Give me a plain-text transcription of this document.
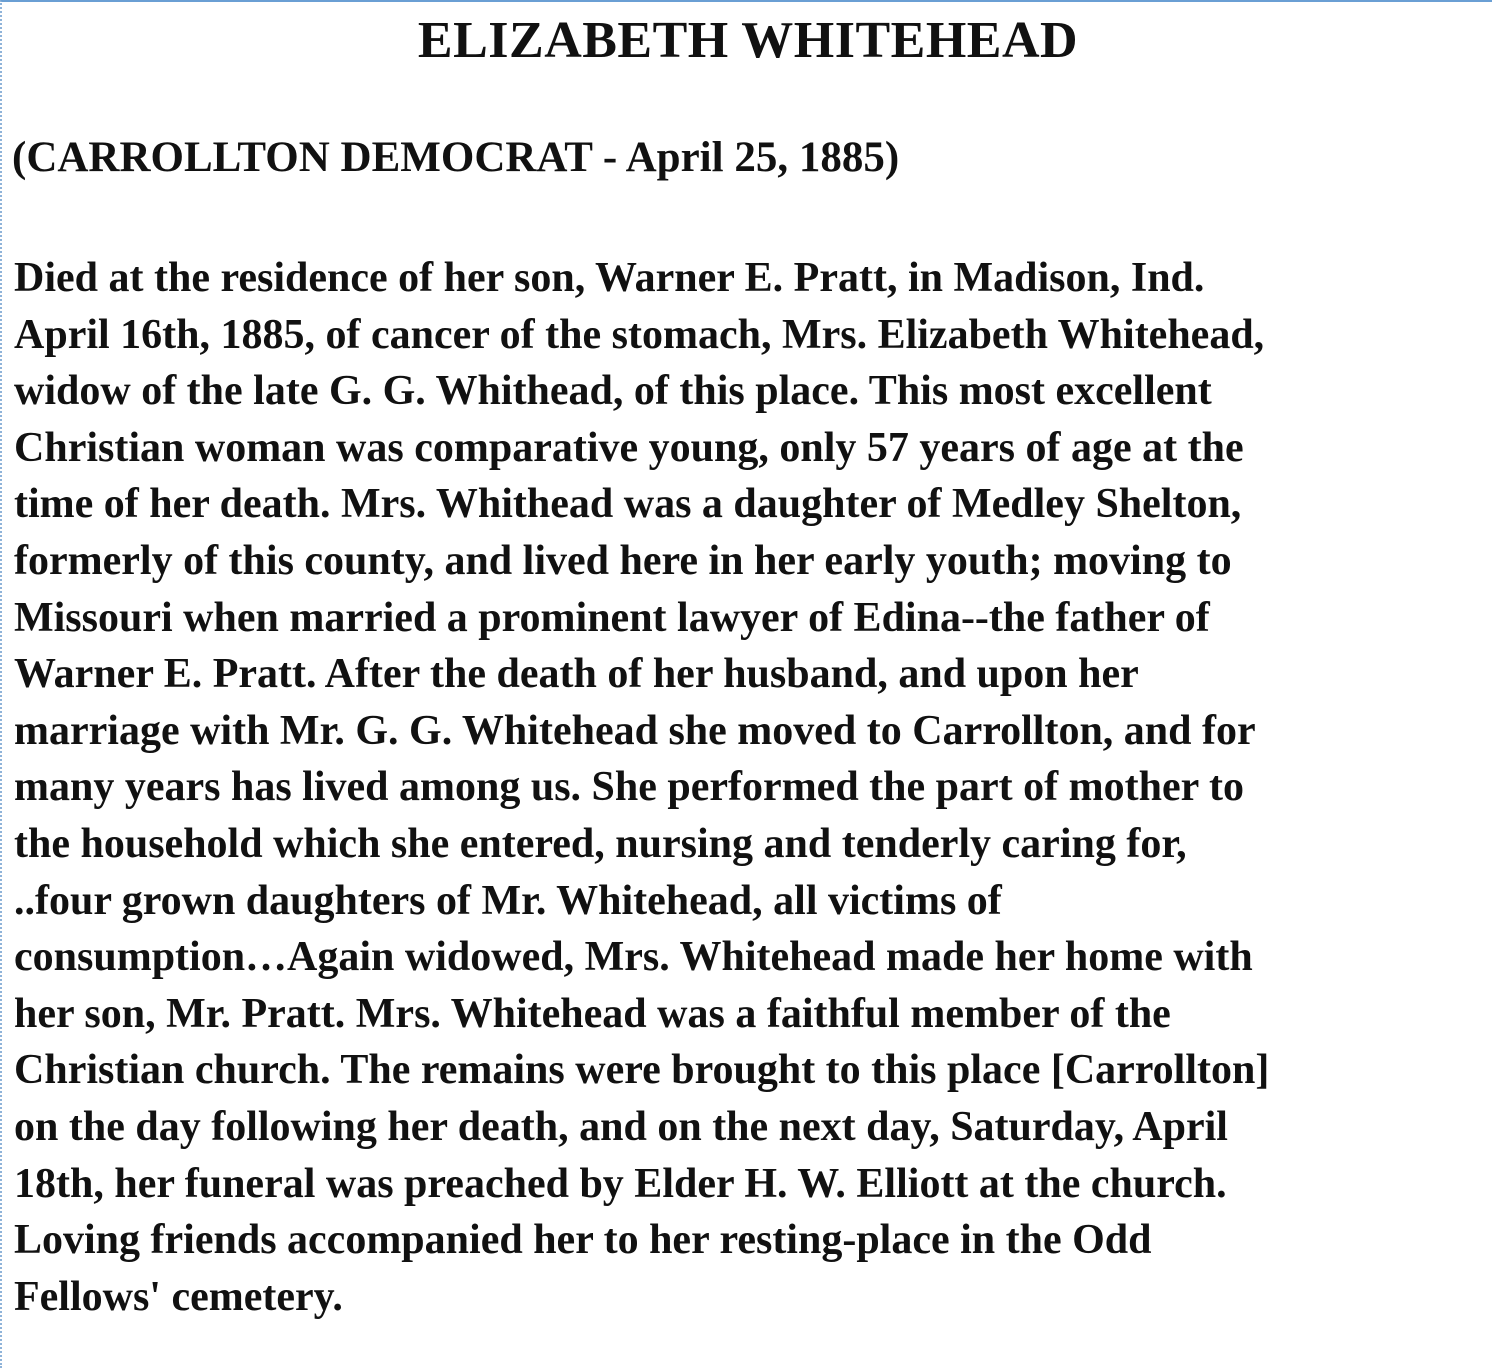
ELIZABETH WHITEHEAD
(CARROLLTON DEMOCRAT - April 25, 1885)
Died at the residence of her son, Warner E. Pratt, in Madison, Ind.
April 16th, 1885, of cancer of the stomach, Mrs. Elizabeth Whitehead,
widow of the late G. G. Whithead, of this place. This most excellent
Christian woman was comparative young, only 57 years of age at the
time of her death. Mrs. Whithead was a daughter of Medley Shelton,
formerly of this county, and lived here in her early youth; moving to
Missouri when married a prominent lawyer of Edina--the father of
Warner E. Pratt. After the death of her husband, and upon her
marriage with Mr. G. G. Whitehead she moved to Carrollton, and for
many years has lived among us. She performed the part of mother to
the household which she entered, nursing and tenderly caring for,
..four grown daughters of Mr. Whitehead, all victims of
consumption…Again widowed, Mrs. Whitehead made her home with
her son, Mr. Pratt. Mrs. Whitehead was a faithful member of the
Christian church. The remains were brought to this place [Carrollton]
on the day following her death, and on the next day, Saturday, April
18th, her funeral was preached by Elder H. W. Elliott at the church.
Loving friends accompanied her to her resting-place in the Odd
Fellows' cemetery.
